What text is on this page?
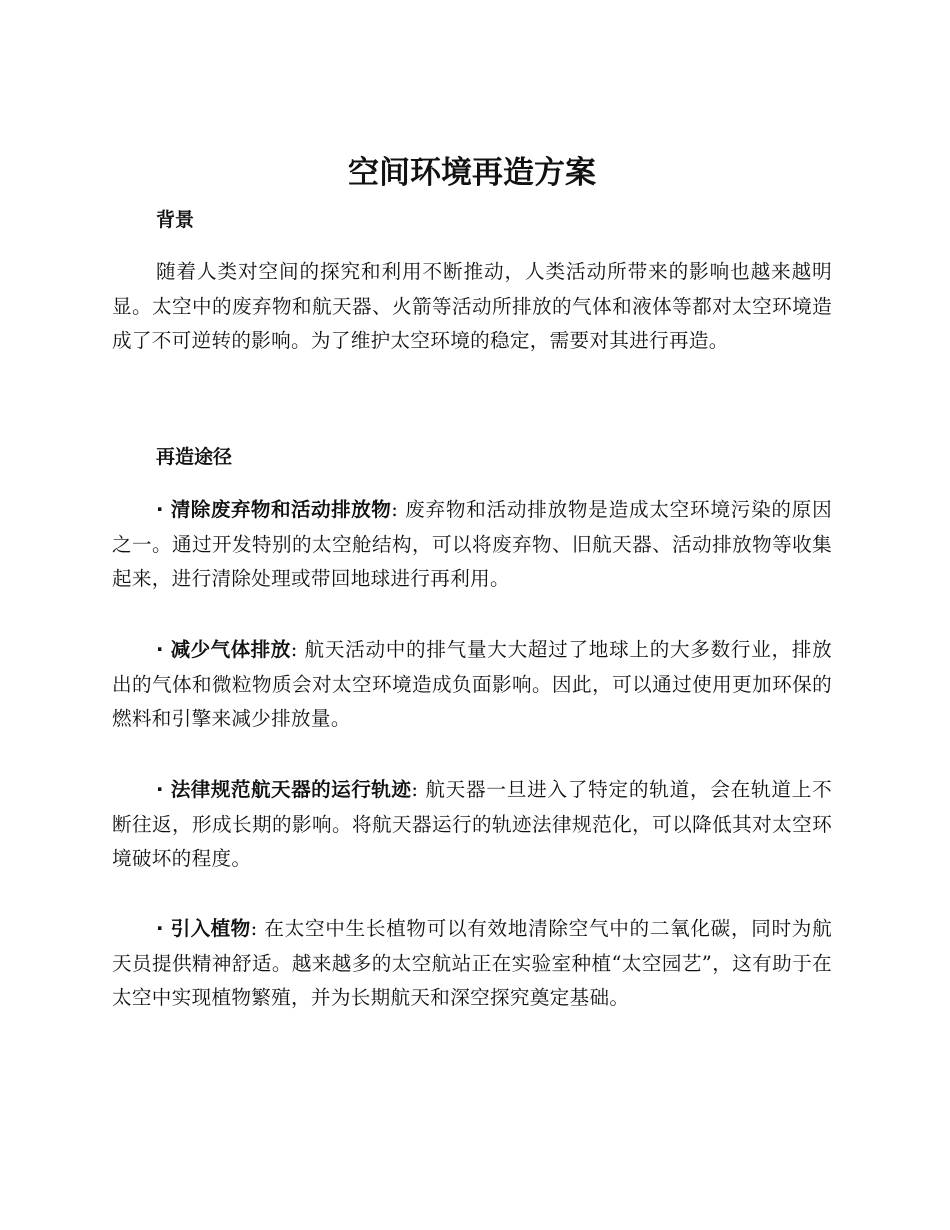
空间环境再造方案
背景

随着人类对空间的探究和利用不断推动，人类活动所带来的影响也越来越明显。太空中的废弃物和航天器、火箭等活动所排放的气体和液体等都对太空环境造成了不可逆转的影响。为了维护太空环境的稳定，需要对其进行再造。

再造途径

· 清除废弃物和活动排放物: 废弃物和活动排放物是造成太空环境污染的原因之一。通过开发特别的太空舱结构，可以将废弃物、旧航天器、活动排放物等收集起来，进行清除处理或带回地球进行再利用。

· 减少气体排放: 航天活动中的排气量大大超过了地球上的大多数行业，排放出的气体和微粒物质会对太空环境造成负面影响。因此，可以通过使用更加环保的燃料和引擎来减少排放量。

· 法律规范航天器的运行轨迹: 航天器一旦进入了特定的轨道，会在轨道上不断往返，形成长期的影响。将航天器运行的轨迹法律规范化，可以降低其对太空环境破坏的程度。

· 引入植物: 在太空中生长植物可以有效地清除空气中的二氧化碳，同时为航天员提供精神舒适。越来越多的太空航站正在实验室种植“太空园艺”，这有助于在太空中实现植物繁殖，并为长期航天和深空探究奠定基础。
